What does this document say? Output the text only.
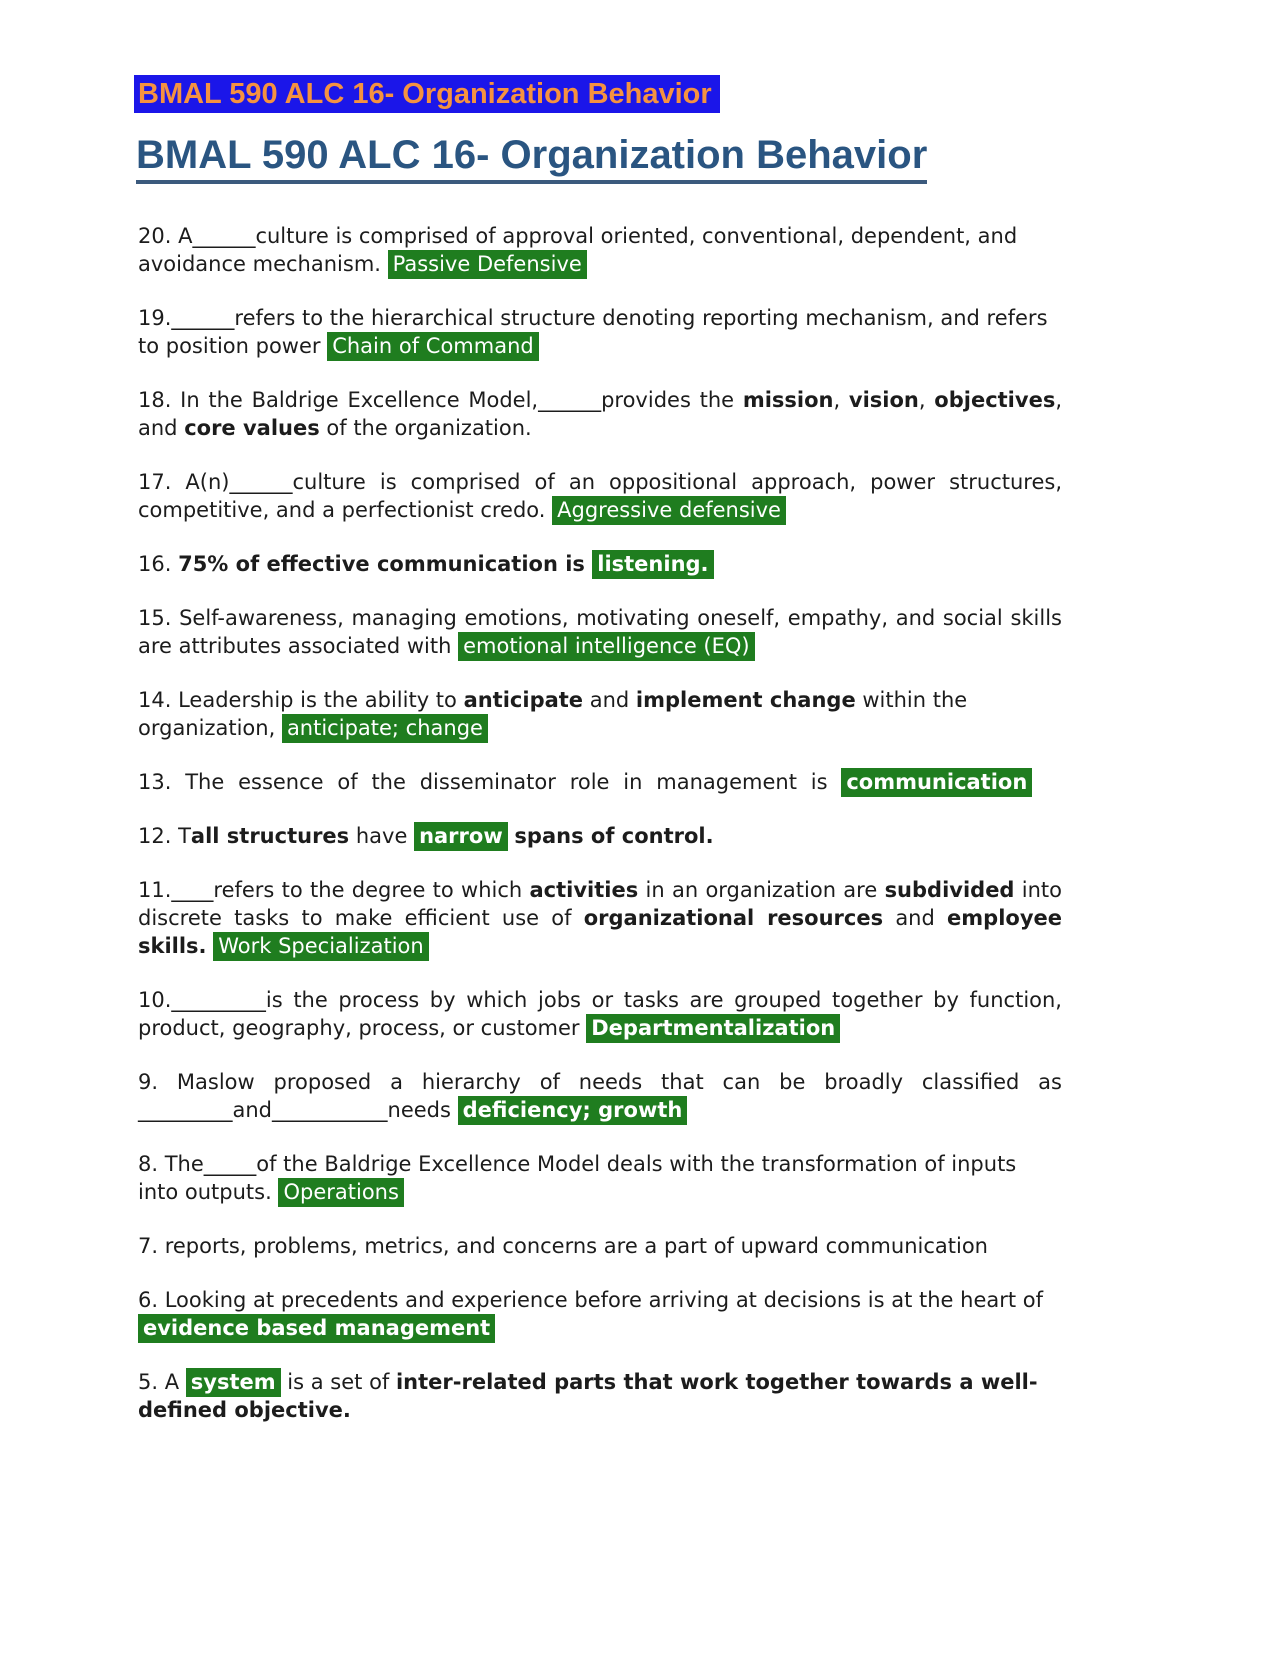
BMAL 590 ALC 16- Organization Behavior
BMAL 590 ALC 16- Organization Behavior

20. A______culture is comprised of approval oriented, conventional, dependent, and avoidance mechanism. Passive Defensive

19.______refers to the hierarchical structure denoting reporting mechanism, and refers to position power Chain of Command

18. In the Baldrige Excellence Model,______provides the mission, vision, objectives, and core values of the organization.

17. A(n)______culture is comprised of an oppositional approach, power structures, competitive, and a perfectionist credo. Aggressive defensive

16. 75% of effective communication is listening.

15. Self-awareness, managing emotions, motivating oneself, empathy, and social skills are attributes associated with emotional intelligence (EQ)

14. Leadership is the ability to anticipate and implement change within the organization, anticipate; change

13. The essence of the disseminator role in management is communication

12. Tall structures have narrow spans of control.

11.____refers to the degree to which activities in an organization are subdivided into discrete tasks to make efficient use of organizational resources and employee skills. Work Specialization

10._________is the process by which jobs or tasks are grouped together by function, product, geography, process, or customer Departmentalization

9. Maslow proposed a hierarchy of needs that can be broadly classified as _________and___________needs deficiency; growth

8. The_____of the Baldrige Excellence Model deals with the transformation of inputs into outputs. Operations

7. reports, problems, metrics, and concerns are a part of upward communication

6. Looking at precedents and experience before arriving at decisions is at the heart of evidence based management

5. A system is a set of inter-related parts that work together towards a well-defined objective.
